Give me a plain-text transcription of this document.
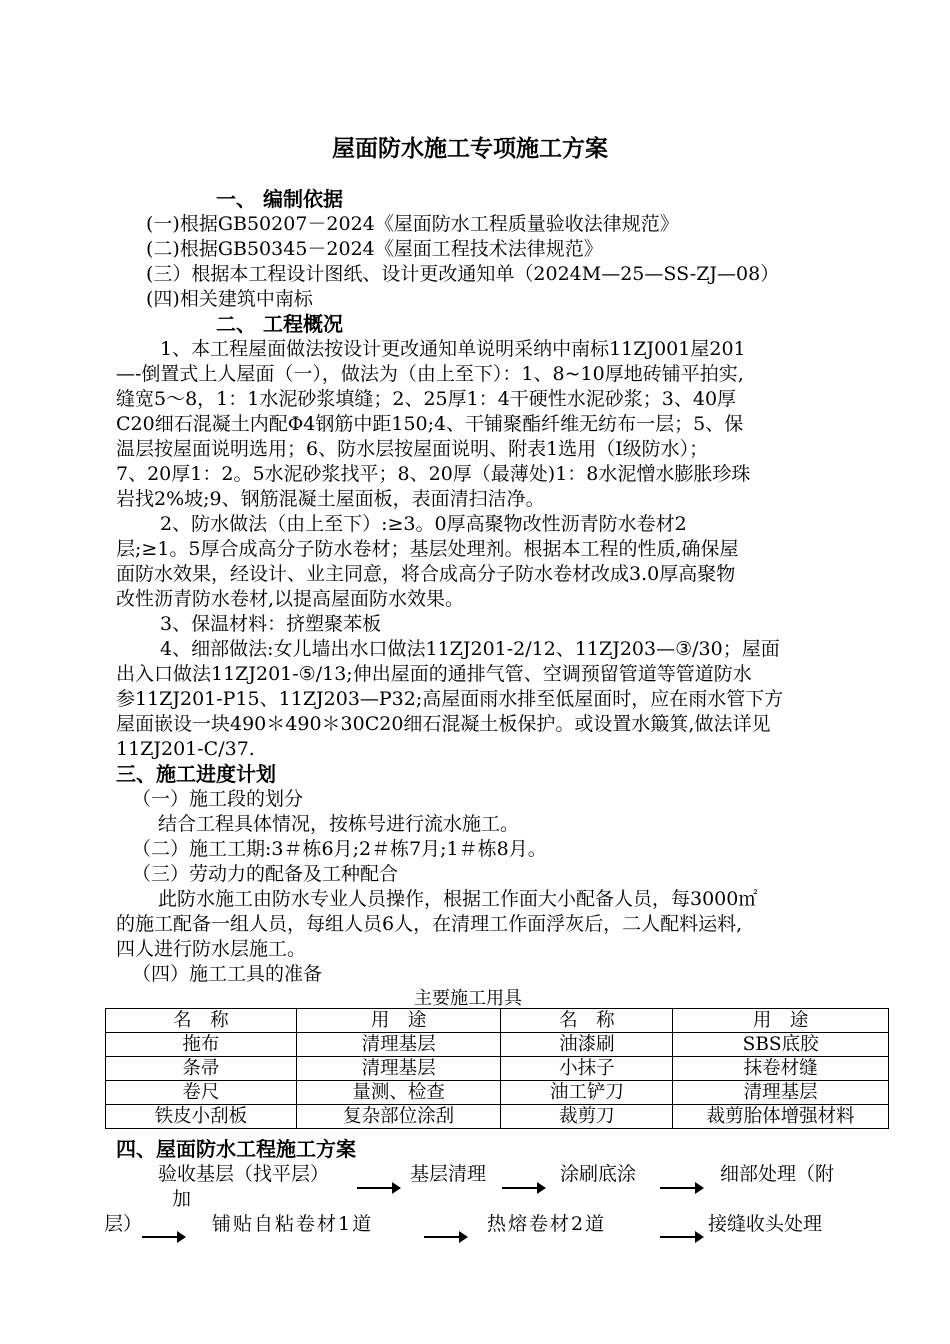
屋面防水施工专项施工方案
一、 编制依据
(一)根据GB50207－2024《屋面防水工程质量验收法律规范》
(二)根据GB50345－2024《屋面工程技术法律规范》
(三）根据本工程设计图纸、设计更改通知单（2024M—25—SS-ZJ—08）
(四)相关建筑中南标
二、 工程概况
1、本工程屋面做法按设计更改通知单说明采纳中南标11ZJ001屋201
—-倒置式上人屋面（一），做法为（由上至下）：1、8~10厚地砖铺平拍实,
缝宽5～8，1：1水泥砂浆填缝；2、25厚1：4干硬性水泥砂浆；3、40厚
C20细石混凝土内配Φ4钢筋中距150;4、干铺聚酯纤维无纺布一层；5、保
温层按屋面说明选用；6、防水层按屋面说明、附表1选用（Ⅰ级防水）；
7、20厚1：2。5水泥砂浆找平；8、20厚（最薄处)1：8水泥憎水膨胀珍珠
岩找2%坡;9、钢筋混凝土屋面板，表面清扫洁净。
2、防水做法（由上至下）:≥3。0厚高聚物改性沥青防水卷材2
层;≥1。5厚合成高分子防水卷材；基层处理剂。根据本工程的性质,确保屋
面防水效果，经设计、业主同意，将合成高分子防水卷材改成3.0厚高聚物
改性沥青防水卷材,以提高屋面防水效果。
3、保温材料：挤塑聚苯板
4、细部做法:女儿墙出水口做法11ZJ201-2/12、11ZJ203—③/30；屋面
出入口做法11ZJ201-⑤/13;伸出屋面的通排气管、空调预留管道等管道防水
参11ZJ201-P15、11ZJ203—P32;高屋面雨水排至低屋面时，应在雨水管下方
屋面嵌设一块490＊490＊30C20细石混凝土板保护。或设置水簸箕,做法详见
11ZJ201-C/37.
三、施工进度计划
（一）施工段的划分
结合工程具体情况，按栋号进行流水施工。
（二）施工工期:3＃栋6月;2＃栋7月;1＃栋8月。
（三）劳动力的配备及工种配合
此防水施工由防水专业人员操作，根据工作面大小配备人员，每3000㎡
的施工配备一组人员，每组人员6人，在清理工作面浮灰后，二人配料运料,
四人进行防水层施工。
（四）施工工具的准备
主要施工用具
名　称	用　途	名　称	用　途
拖布	清理基层	油漆刷	SBS底胶
条帚	清理基层	小抹子	抹卷材缝
卷尺	量测、检查	油工铲刀	清理基层
铁皮小刮板	复杂部位涂刮	裁剪刀	裁剪胎体增强材料
四、屋面防水工程施工方案
验收基层（找平层）	基层清理	涂刷底涂	细部处理（附
加
层）	铺贴自粘卷材1道	热熔卷材2道	接缝收头处理
